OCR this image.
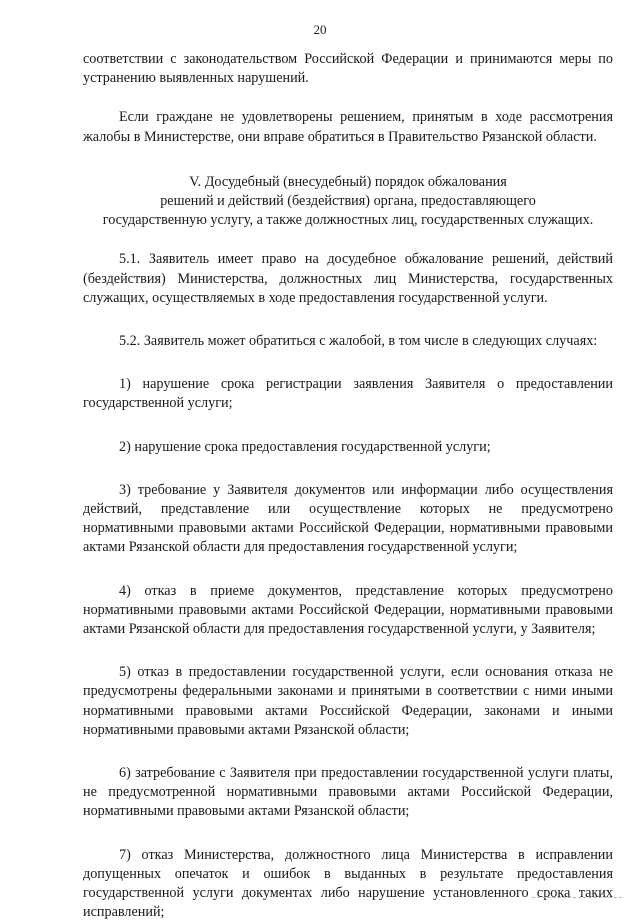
20

соответствии с законодательством Российской Федерации и принимаются меры по устранению выявленных нарушений.

Если граждане не удовлетворены решением, принятым в ходе рассмотрения жалобы в Министерстве, они вправе обратиться в Правительство Рязанской области.

V. Досудебный (внесудебный) порядок обжалования

решений и действий (бездействия) органа, предоставляющего

государственную услугу, а также должностных лиц, государственных служащих.

5.1. Заявитель имеет право на досудебное обжалование решений, действий (бездействия) Министерства, должностных лиц Министерства, государственных служащих, осуществляемых в ходе предоставления государственной услуги.

5.2. Заявитель может обратиться с жалобой, в том числе в следующих случаях:

1) нарушение срока регистрации заявления Заявителя о предоставлении государственной услуги;

2) нарушение срока предоставления государственной услуги;

3) требование у Заявителя документов или информации либо осуществления действий, представление или осуществление которых не предусмотрено нормативными правовыми актами Российской Федерации, нормативными правовыми актами Рязанской области для предоставления государственной услуги;

4) отказ в приеме документов, представление которых предусмотрено нормативными правовыми актами Российской Федерации, нормативными правовыми актами Рязанской области для предоставления государственной услуги, у Заявителя;

5) отказ в предоставлении государственной услуги, если основания отказа не предусмотрены федеральными законами и принятыми в соответствии с ними иными нормативными правовыми актами Российской Федерации, законами и иными нормативными правовыми актами Рязанской области;

6) затребование с Заявителя при предоставлении государственной услуги платы, не предусмотренной нормативными правовыми актами Российской Федерации, нормативными правовыми актами Рязанской области;

7) отказ Министерства, должностного лица Министерства в исправлении допущенных опечаток и ошибок в выданных в результате предоставления государственной услуги документах либо нарушение установленного срока таких исправлений;
